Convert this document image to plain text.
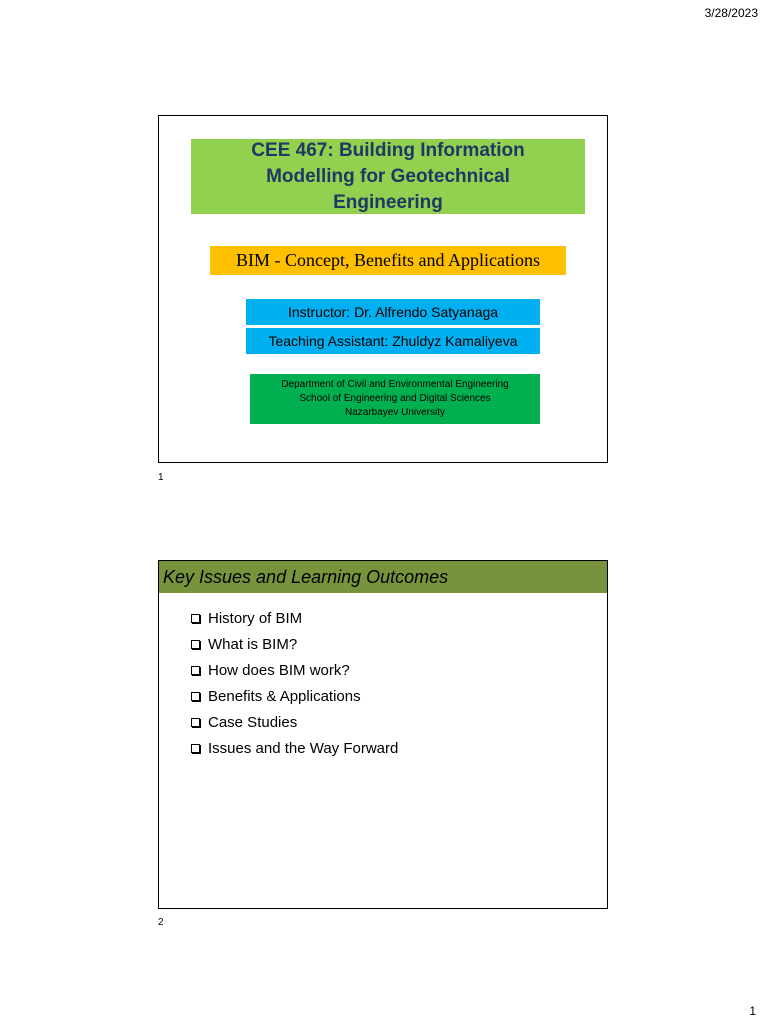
3/28/2023
CEE 467: Building Information Modelling for Geotechnical Engineering
BIM - Concept, Benefits and Applications
Instructor: Dr. Alfrendo Satyanaga
Teaching Assistant: Zhuldyz Kamaliyeva
Department of Civil and Environmental Engineering
School of Engineering and Digital Sciences
Nazarbayev University
1
Key Issues and Learning Outcomes
History of BIM
What is BIM?
How does BIM work?
Benefits & Applications
Case Studies
Issues and the Way Forward
2
1
